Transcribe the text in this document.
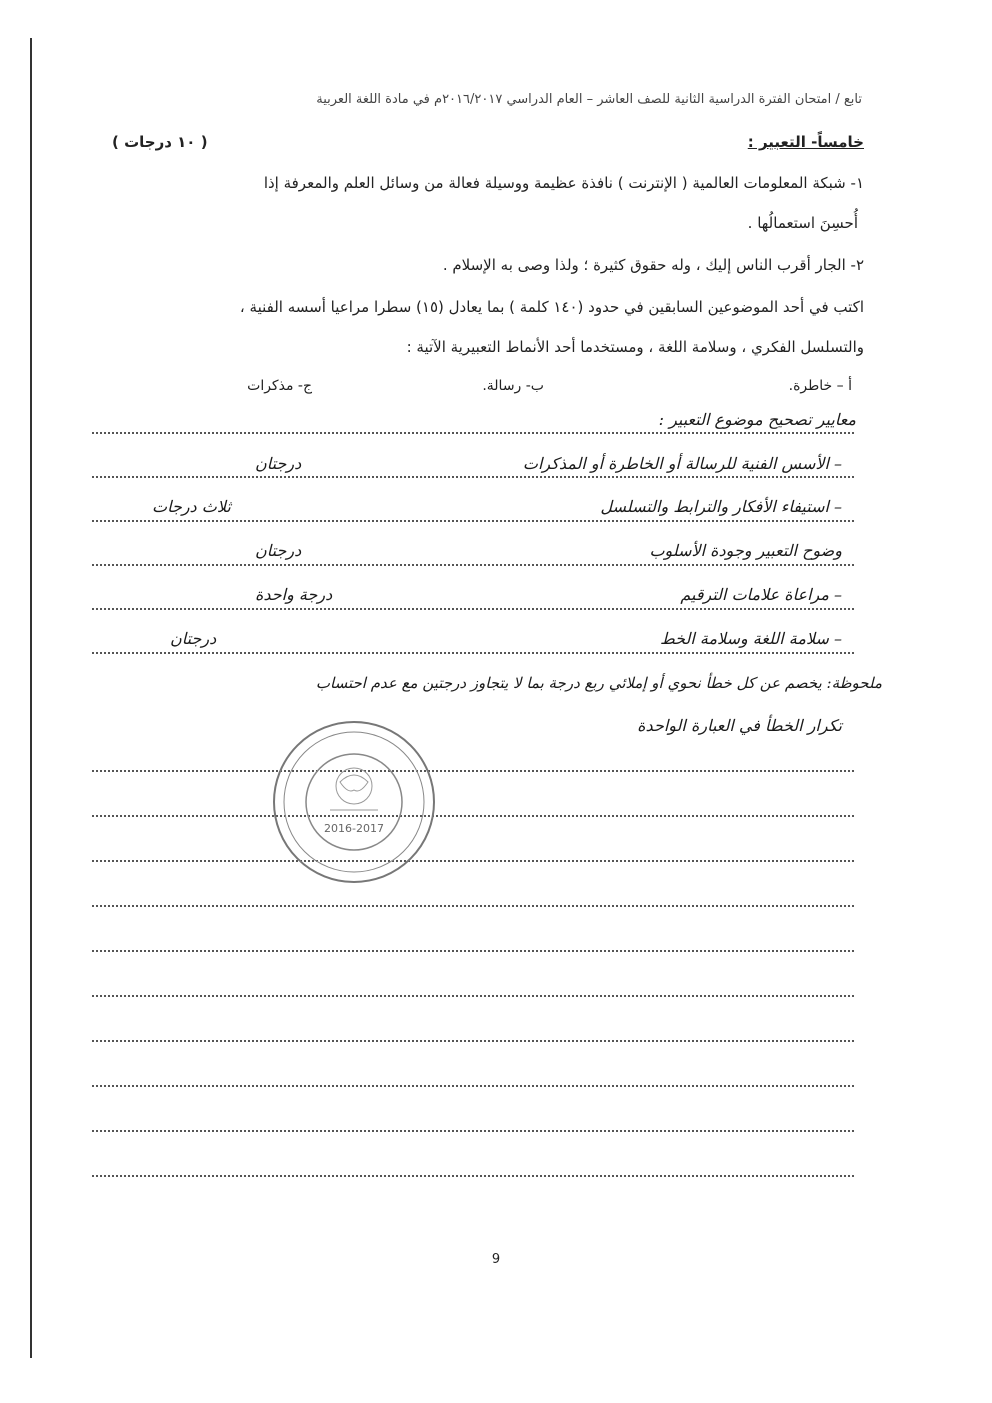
تابع / امتحان الفترة الدراسية الثانية للصف العاشر – العام الدراسي ٢٠١٦/٢٠١٧م في مادة اللغة العربية
خامساً- التعبير :
( ١٠ درجات )
١- شبكة المعلومات العالمية ( الإنترنت ) نافذة عظيمة ووسيلة فعالة من وسائل العلم والمعرفة إذا
أُحسِنَ استعمالُها .
٢- الجار أقرب الناس إليك ، وله حقوق كثيرة ؛ ولذا وصى به الإسلام .
اكتب في أحد الموضوعين السابقين في حدود (١٤٠ كلمة ) بما يعادل (١٥) سطرا مراعيا أسسه الفنية ،
والتسلسل الفكري ، وسلامة اللغة ، ومستخدما أحد الأنماط التعبيرية الآتية :
أ – خاطرة.
ب- رسالة.
ج- مذكرات
معايير تصحيح موضوع التعبير :
– الأسس الفنية للرسالة أو الخاطرة أو المذكرات
درجتان
– استيفاء الأفكار والترابط والتسلسل
ثلاث درجات
وضوح التعبير وجودة الأسلوب
درجتان
– مراعاة علامات الترقيم
درجة واحدة
– سلامة اللغة وسلامة الخط
درجتان
ملحوظة: يخصم عن كل خطأ نحوي أو إملائي ربع درجة بما لا يتجاوز درجتين مع عدم احتساب
تكرار الخطأ في العبارة الواحدة
2016-2017
9
